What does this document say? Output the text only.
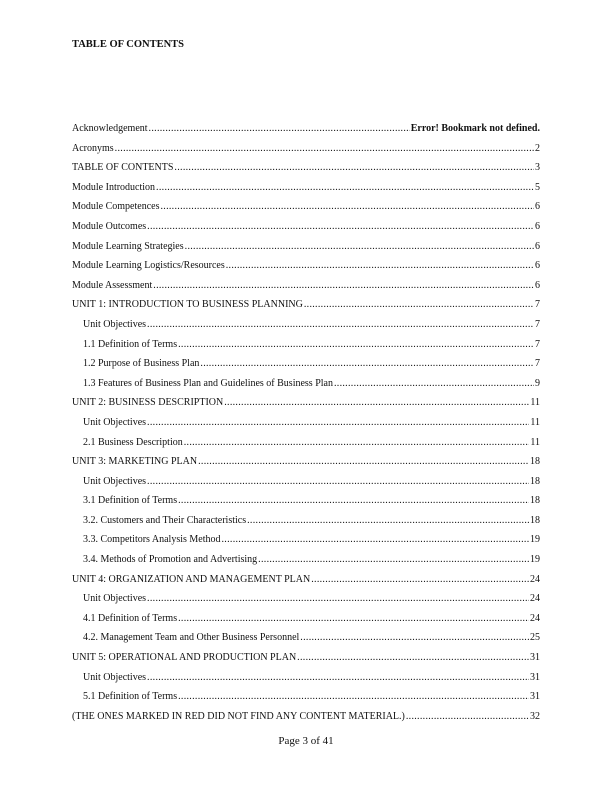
TABLE OF CONTENTS
Acknowledgement .....	Error! Bookmark not defined.
Acronyms .....	2
TABLE OF CONTENTS .....	3
Module Introduction .....	5
Module Competences .....	6
Module Outcomes .....	6
Module Learning Strategies .....	6
Module Learning Logistics/Resources .....	6
Module Assessment .....	6
UNIT 1: INTRODUCTION TO BUSINESS PLANNING .....	7
Unit Objectives .....	7
1.1 Definition of Terms .....	7
1.2 Purpose of Business Plan .....	7
1.3 Features of Business Plan and Guidelines of Business Plan .....	9
UNIT 2: BUSINESS DESCRIPTION .....	11
Unit Objectives .....	11
2.1 Business Description .....	11
UNIT 3: MARKETING PLAN .....	18
Unit Objectives .....	18
3.1 Definition of Terms .....	18
3.2. Customers and Their Characteristics .....	18
3.3. Competitors Analysis Method .....	19
3.4. Methods of Promotion and Advertising .....	19
UNIT 4: ORGANIZATION AND MANAGEMENT PLAN .....	24
Unit Objectives .....	24
4.1 Definition of Terms .....	24
4.2. Management Team and Other Business Personnel .....	25
UNIT 5: OPERATIONAL AND PRODUCTION PLAN .....	31
Unit Objectives .....	31
5.1 Definition of Terms .....	31
(THE ONES MARKED IN RED DID NOT FIND ANY CONTENT MATERIAL.) .....	32
Page 3 of 41
